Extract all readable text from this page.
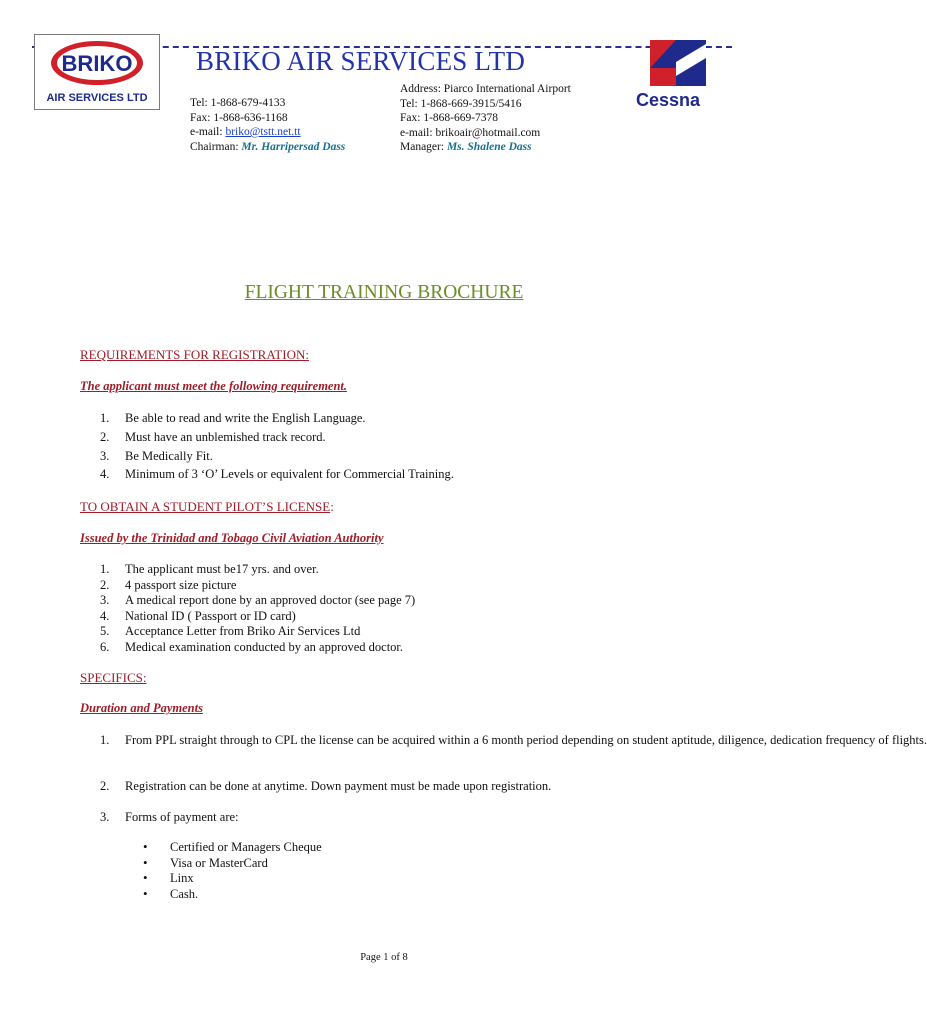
BRIKO
AIR SERVICES LTD
BRIKO AIR SERVICES LTD
Tel: 1-868-679-4133
Fax: 1-868-636-1168
e-mail: briko@tstt.net.tt
Chairman: Mr. Harripersad Dass
Address: Piarco International Airport
Tel: 1-868-669-3915/5416
Fax: 1-868-669-7378
e-mail: brikoair@hotmail.com
Manager: Ms. Shalene Dass
Cessna
FLIGHT TRAINING BROCHURE
REQUIREMENTS FOR REGISTRATION:
The applicant must meet the following requirement.
1. Be able to read and write the English Language.
2. Must have an unblemished track record.
3. Be Medically Fit.
4. Minimum of 3 ‘O’ Levels or equivalent for Commercial Training.
TO OBTAIN A STUDENT PILOT’S LICENSE:
Issued by the Trinidad and Tobago Civil Aviation Authority
1. The applicant must be17 yrs. and over.
2. 4 passport size picture
3. A medical report done by an approved doctor (see page 7)
4. National ID ( Passport or ID card)
5. Acceptance Letter from Briko Air Services Ltd
6. Medical examination conducted by an approved doctor.
SPECIFICS:
Duration and Payments
1. From PPL straight through to CPL the license can be acquired within a 6 month period depending on student aptitude, diligence, dedication frequency of flights.
2. Registration can be done at anytime. Down payment must be made upon registration.
3. Forms of payment are:
• Certified or Managers Cheque
• Visa or MasterCard
• Linx
• Cash.
Page 1 of 8
